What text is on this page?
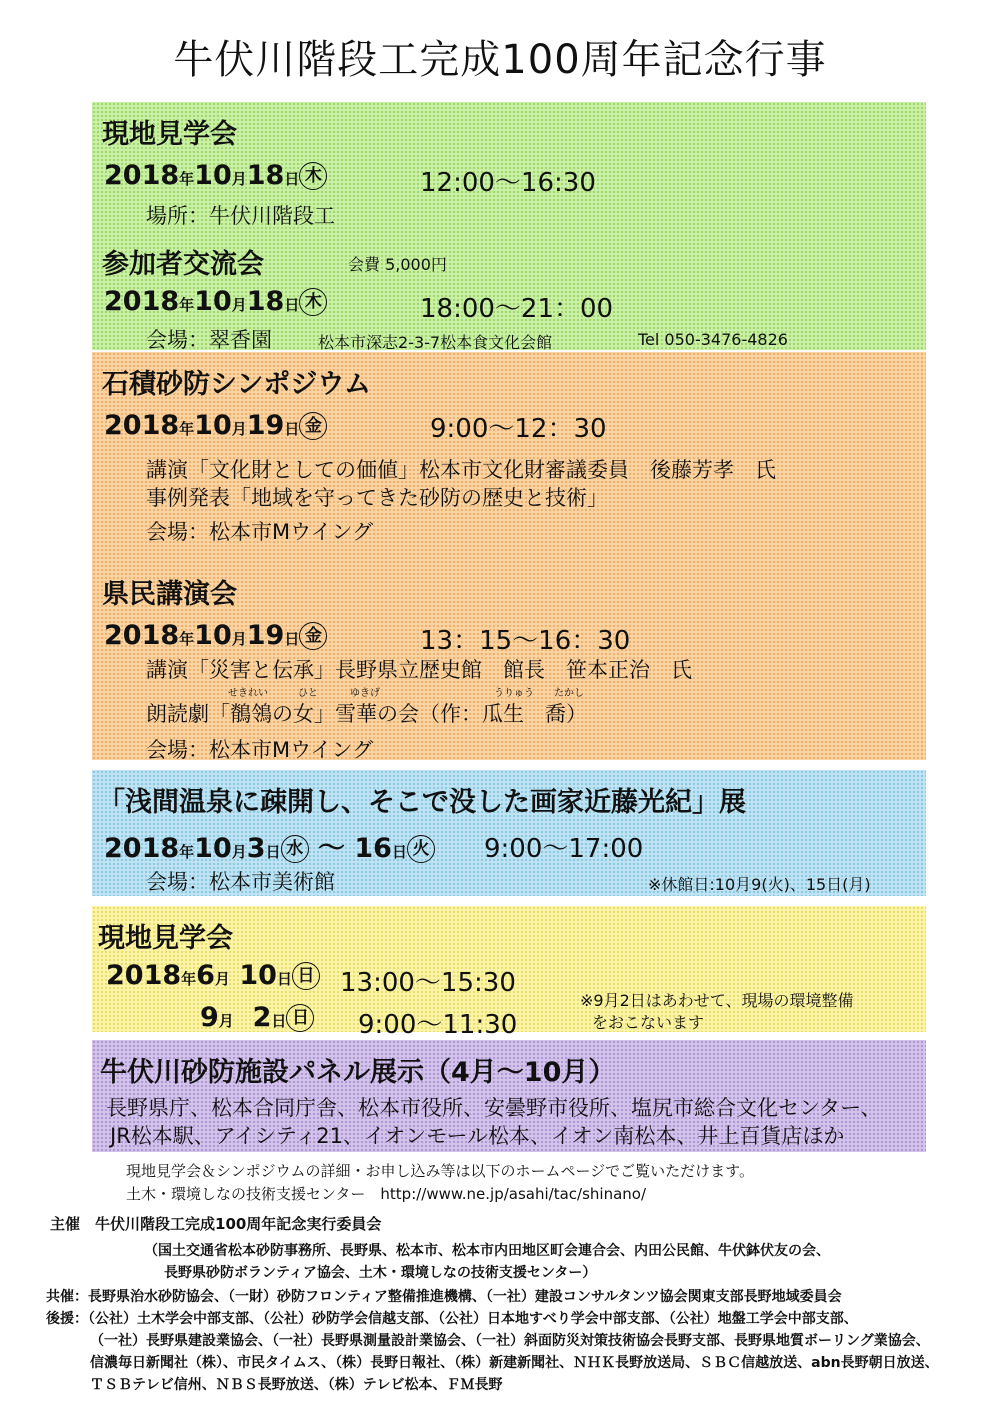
牛伏川階段工完成100周年記念行事
現地見学会
2018年10月18日 木	12:00〜16:30
場所：牛伏川階段工
参加者交流会	会費 5,000円
2018年10月18日 木	18:00〜21：00
会場：翠香園	松本市深志2-3-7松本食文化会館	Tel 050-3476-4826
石積砂防シンポジウム
2018年10月19日 金	9:00〜12：30
講演「文化財としての価値」松本市文化財審議委員　後藤芳孝　氏
事例発表「地域を守ってきた砂防の歴史と技術」
会場：松本市Mウイング
県民講演会
2018年10月19日 金	13：15〜16：30
講演「災害と伝承」長野県立歴史館　館長　笹本正治　氏
せきれい	ひと	ゆきげ	うりゅう たかし
朗読劇「鶺鴒の女」雪華の会（作：瓜生　喬）
会場：松本市Mウイング
「浅間温泉に疎開し、そこで没した画家近藤光紀」展
2018年10月3日 水 〜 16日 火 9:00〜17:00
会場：松本市美術館	※休館日:10月9(火)、15日(月)
現地見学会
2018年6月 10日 日 13:00〜15:30
9月 2日 日 9:00〜11:30
※9月2日はあわせて、現場の環境整備
をおこないます
牛伏川砂防施設パネル展示（4月〜10月）
長野県庁、松本合同庁舎、松本市役所、安曇野市役所、塩尻市総合文化センター、
JR松本駅、アイシティ21、イオンモール松本、イオン南松本、井上百貨店ほか
現地見学会＆シンポジウムの詳細・お申し込み等は以下のホームページでご覧いただけます。
土木・環境しなの技術支援センター　http://www.ne.jp/asahi/tac/shinano/
主催　牛伏川階段工完成100周年記念実行委員会
（国土交通省松本砂防事務所、長野県、松本市、松本市内田地区町会連合会、内田公民館、牛伏鉢伏友の会、
長野県砂防ボランティア協会、土木・環境しなの技術支援センター）
共催：長野県治水砂防協会、（一財）砂防フロンティア整備推進機構、（一社）建設コンサルタンツ協会関東支部長野地域委員会
後援：（公社）土木学会中部支部、（公社）砂防学会信越支部、（公社）日本地すべり学会中部支部、（公社）地盤工学会中部支部、
（一社）長野県建設業協会、（一社）長野県測量設計業協会、（一社）斜面防災対策技術協会長野支部、長野県地質ボーリング業協会、
信濃毎日新聞社（株）、市民タイムス、（株）長野日報社、（株）新建新聞社、ＮＨＫ長野放送局、ＳＢＣ信越放送、abn長野朝日放送、
ＴＳＢテレビ信州、ＮＢＳ長野放送、（株）テレビ松本、ＦＭ長野
